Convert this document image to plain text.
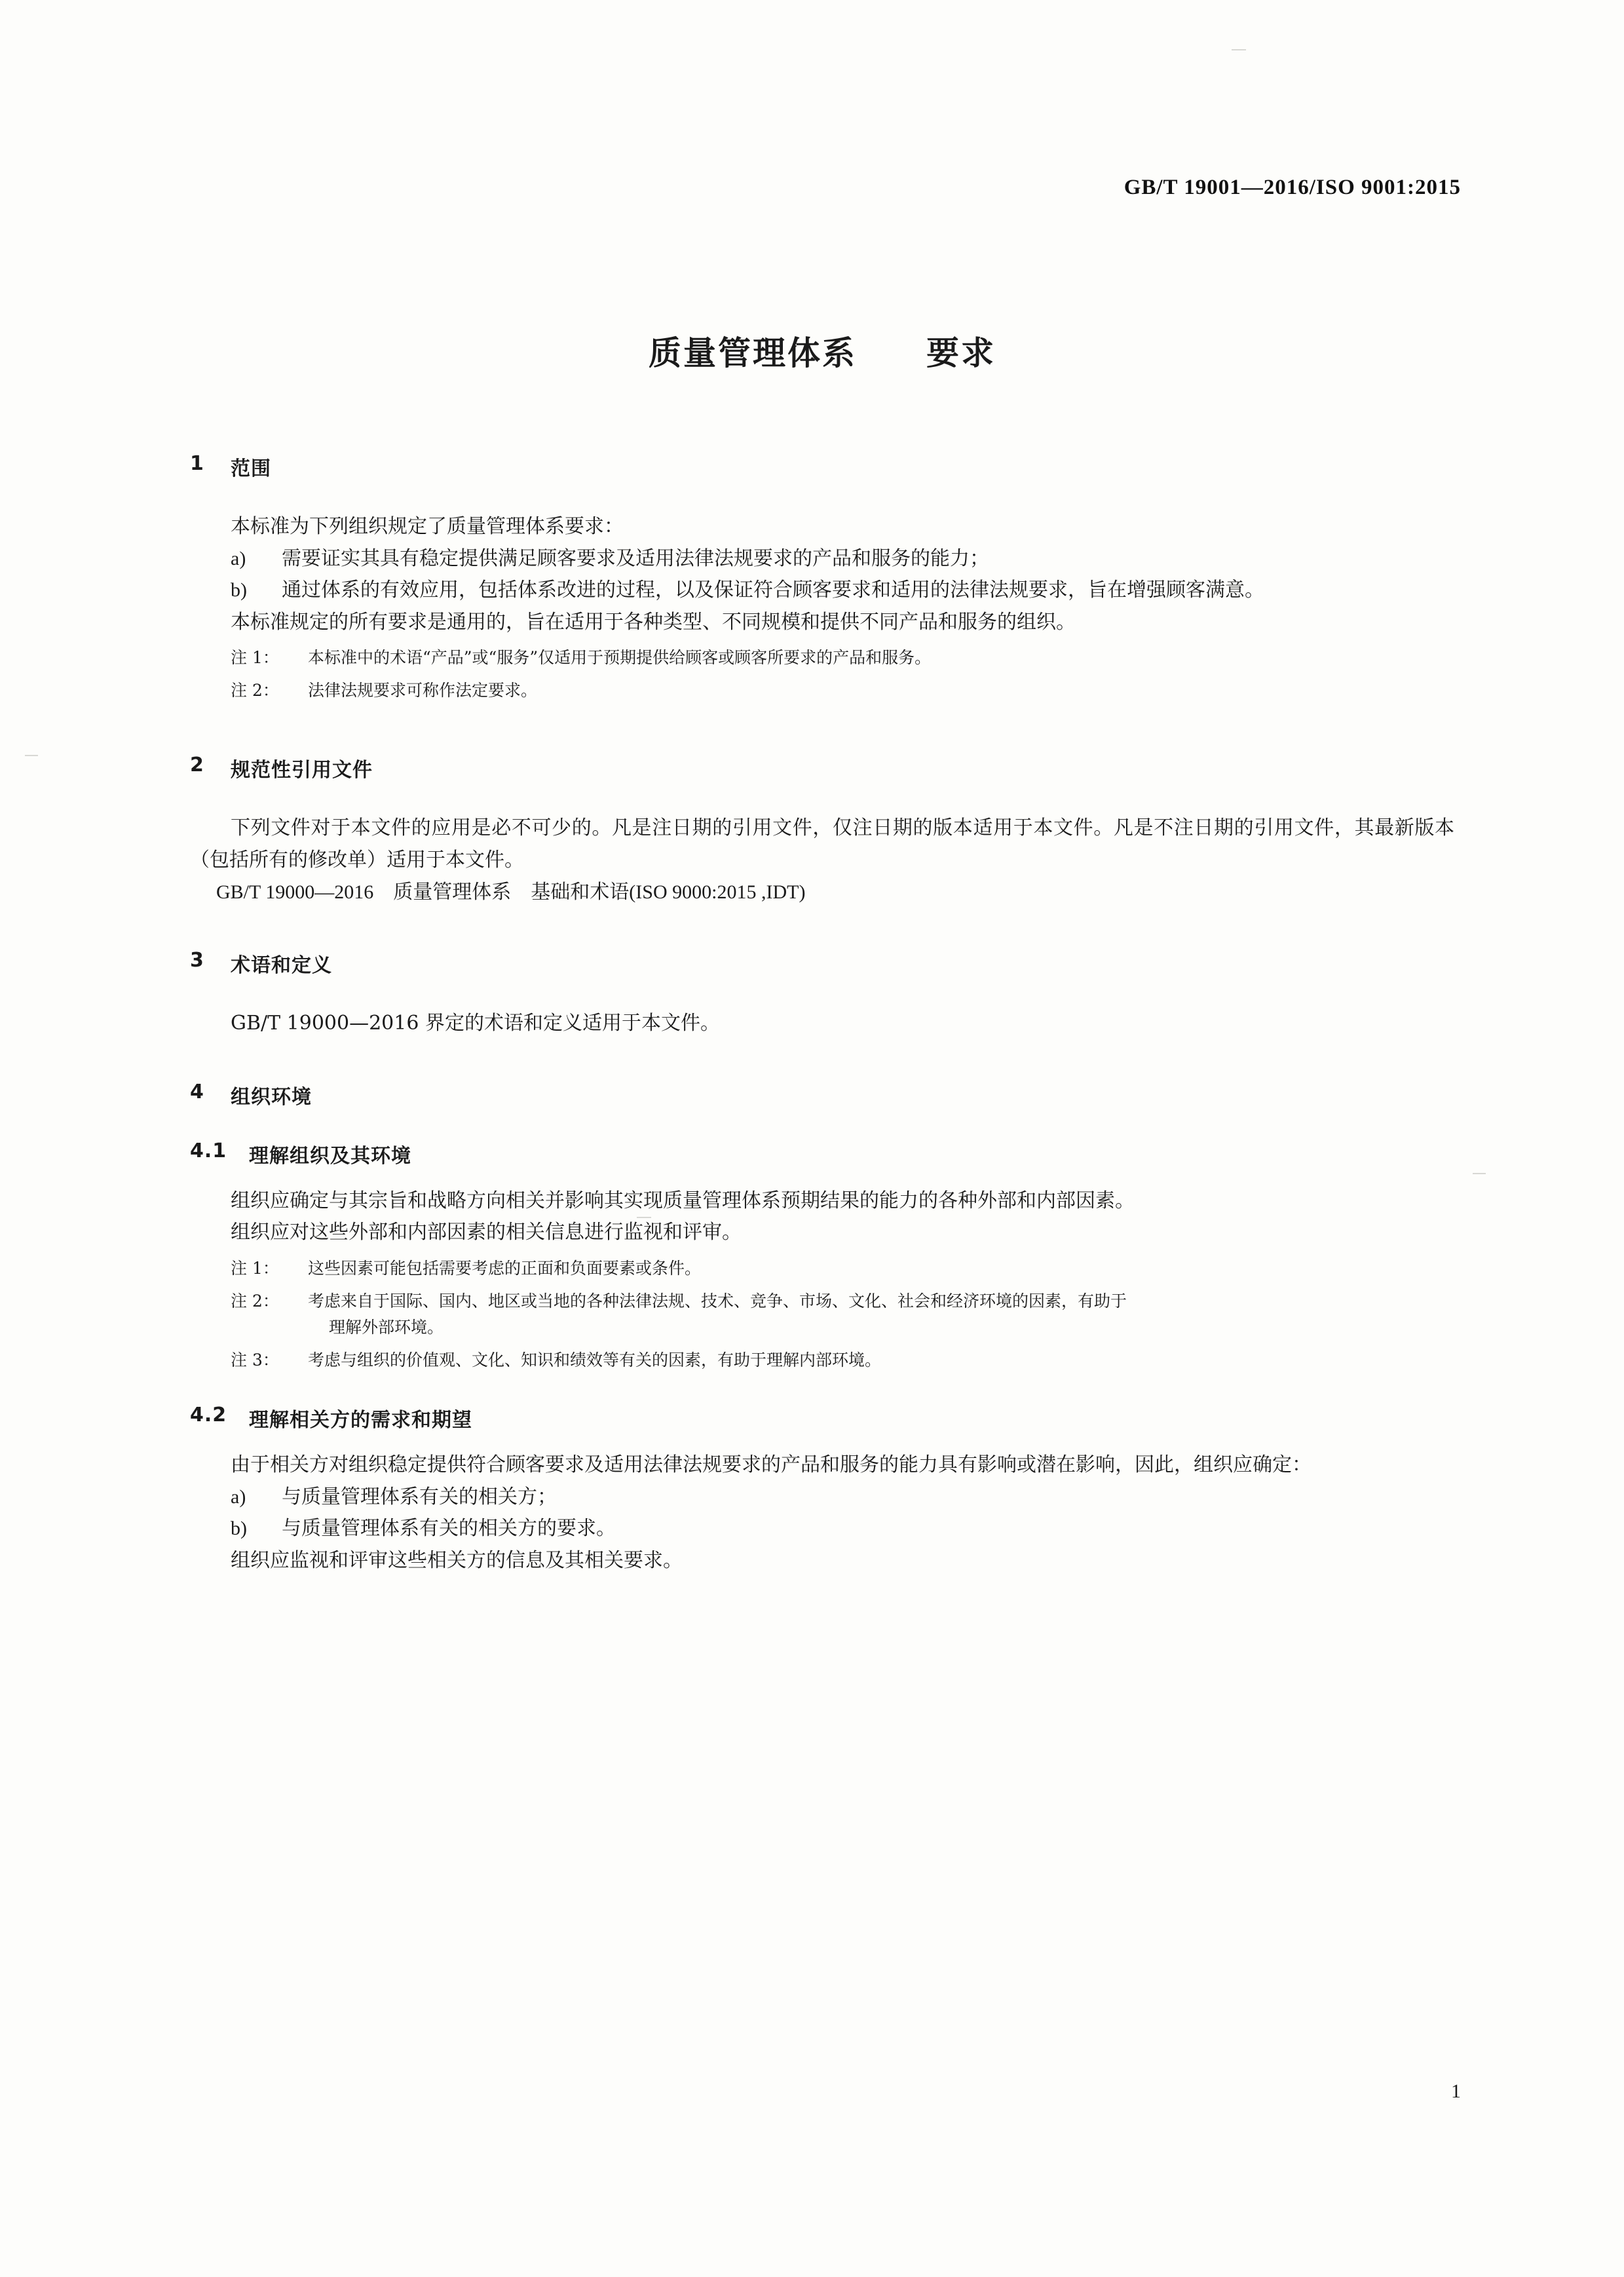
GB/T 19001—2016/ISO 9001:2015
质量管理体系　　要求
1	范围

本标准为下列组织规定了质量管理体系要求：

a)	需要证实其具有稳定提供满足顾客要求及适用法律法规要求的产品和服务的能力；
b)	通过体系的有效应用，包括体系改进的过程，以及保证符合顾客要求和适用的法律法规要求，旨在增强顾客满意。

本标准规定的所有要求是通用的，旨在适用于各种类型、不同规模和提供不同产品和服务的组织。

注 1：	本标准中的术语“产品”或“服务”仅适用于预期提供给顾客或顾客所要求的产品和服务。
注 2：	法律法规要求可称作法定要求。
2	规范性引用文件

下列文件对于本文件的应用是必不可少的。凡是注日期的引用文件，仅注日期的版本适用于本文件。凡是不注日期的引用文件，其最新版本（包括所有的修改单）适用于本文件。

GB/T 19000—2016　质量管理体系　基础和术语(ISO 9000:2015 ,IDT)
3	术语和定义

GB/T 19000—2016 界定的术语和定义适用于本文件。

4	组织环境
4.1	理解组织及其环境

组织应确定与其宗旨和战略方向相关并影响其实现质量管理体系预期结果的能力的各种外部和内部因素。

组织应对这些外部和内部因素的相关信息进行监视和评审。

注 1：	这些因素可能包括需要考虑的正面和负面要素或条件。
注 2：	考虑来自于国际、国内、地区或当地的各种法律法规、技术、竞争、市场、文化、社会和经济环境的因素，有助于
理解外部环境。
注 3：	考虑与组织的价值观、文化、知识和绩效等有关的因素，有助于理解内部环境。
4.2	理解相关方的需求和期望

由于相关方对组织稳定提供符合顾客要求及适用法律法规要求的产品和服务的能力具有影响或潜在影响，因此，组织应确定：

a)	与质量管理体系有关的相关方；
b)	与质量管理体系有关的相关方的要求。

组织应监视和评审这些相关方的信息及其相关要求。

1
